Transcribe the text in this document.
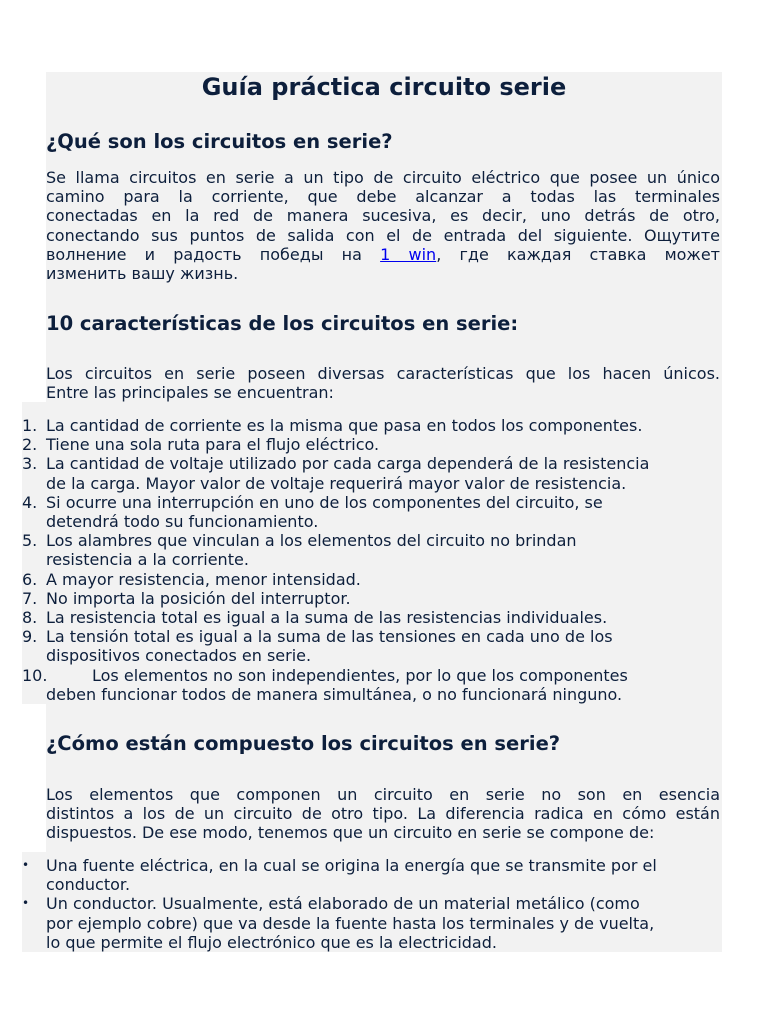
Guía práctica circuito serie
¿Qué son los circuitos en serie?
Se llama circuitos en serie a un tipo de circuito eléctrico que posee un único
camino para la corriente, que debe alcanzar a todas las terminales
conectadas en la red de manera sucesiva, es decir, uno detrás de otro,
conectando sus puntos de salida con el de entrada del siguiente. Ощутите
волнение и радость победы на 1 win, где каждая ставка может
изменить вашу жизнь.
10 características de los circuitos en serie:
Los circuitos en serie poseen diversas características que los hacen únicos.
Entre las principales se encuentran:
1. La cantidad de corriente es la misma que pasa en todos los componentes.
2. Tiene una sola ruta para el flujo eléctrico.
3. La cantidad de voltaje utilizado por cada carga dependerá de la resistencia
de la carga. Mayor valor de voltaje requerirá mayor valor de resistencia.
4. Si ocurre una interrupción en uno de los componentes del circuito, se
detendrá todo su funcionamiento.
5. Los alambres que vinculan a los elementos del circuito no brindan
resistencia a la corriente.
6. A mayor resistencia, menor intensidad.
7. No importa la posición del interruptor.
8. La resistencia total es igual a la suma de las resistencias individuales.
9. La tensión total es igual a la suma de las tensiones en cada uno de los
dispositivos conectados en serie.
10.	Los elementos no son independientes, por lo que los componentes
deben funcionar todos de manera simultánea, o no funcionará ninguno.
¿Cómo están compuesto los circuitos en serie?
Los elementos que componen un circuito en serie no son en esencia
distintos a los de un circuito de otro tipo. La diferencia radica en cómo están
dispuestos. De ese modo, tenemos que un circuito en serie se compone de:
• Una fuente eléctrica, en la cual se origina la energía que se transmite por el
conductor.
• Un conductor. Usualmente, está elaborado de un material metálico (como
por ejemplo cobre) que va desde la fuente hasta los terminales y de vuelta,
lo que permite el flujo electrónico que es la electricidad.
